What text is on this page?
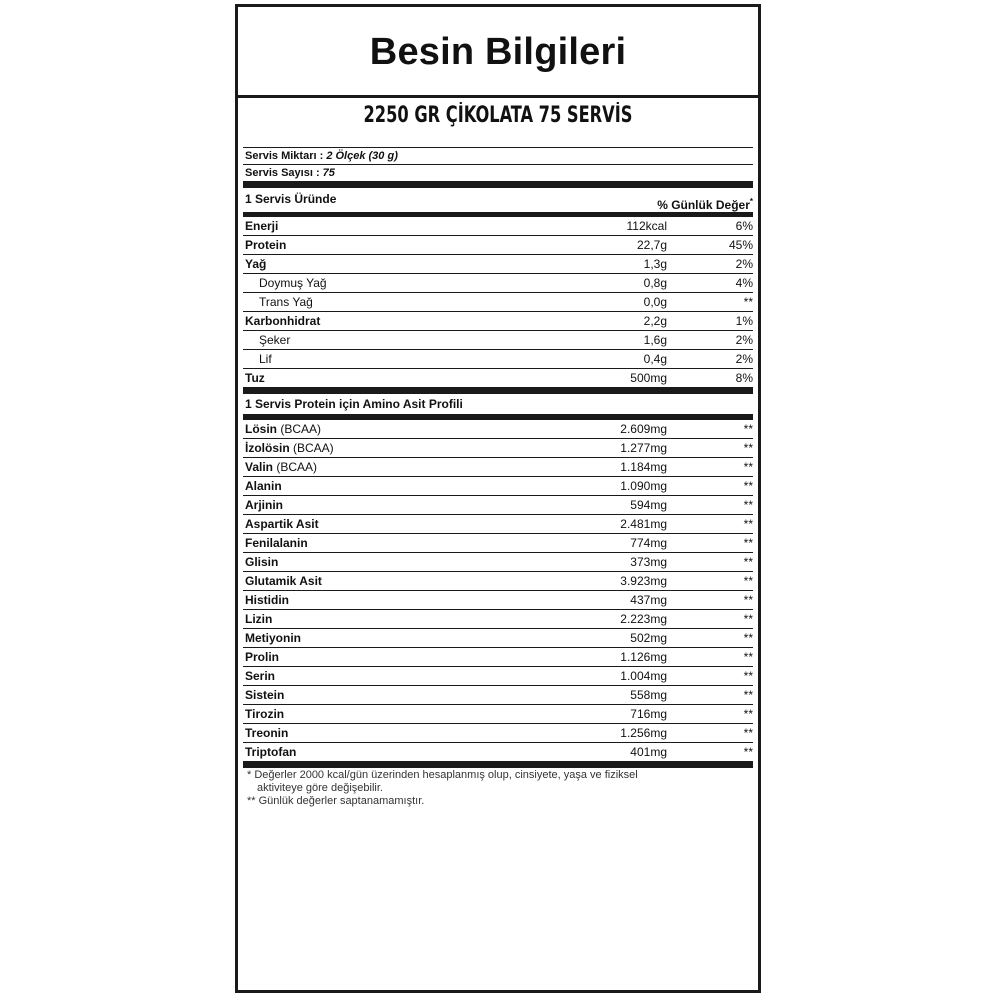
Besin Bilgileri
2250 GR ÇİKOLATA 75 SERVİS
Servis Miktarı : 2 Ölçek (30 g)
Servis Sayısı : 75
1 Servis Üründe	% Günlük Değer*
Enerji	112kcal	6%
Protein	22,7g	45%
Yağ	1,3g	2%
Doymuş Yağ	0,8g	4%
Trans Yağ	0,0g	**
Karbonhidrat	2,2g	1%
Şeker	1,6g	2%
Lif	0,4g	2%
Tuz	500mg	8%
1 Servis Protein için Amino Asit Profili
Lösin (BCAA)	2.609mg	**
İzolösin (BCAA)	1.277mg	**
Valin (BCAA)	1.184mg	**
Alanin	1.090mg	**
Arjinin	594mg	**
Aspartik Asit	2.481mg	**
Fenilalanin	774mg	**
Glisin	373mg	**
Glutamik Asit	3.923mg	**
Histidin	437mg	**
Lizin	2.223mg	**
Metiyonin	502mg	**
Prolin	1.126mg	**
Serin	1.004mg	**
Sistein	558mg	**
Tirozin	716mg	**
Treonin	1.256mg	**
Triptofan	401mg	**
* Değerler 2000 kcal/gün üzerinden hesaplanmış olup, cinsiyete, yaşa ve fiziksel
aktiviteye göre değişebilir.
** Günlük değerler saptanamamıştır.
